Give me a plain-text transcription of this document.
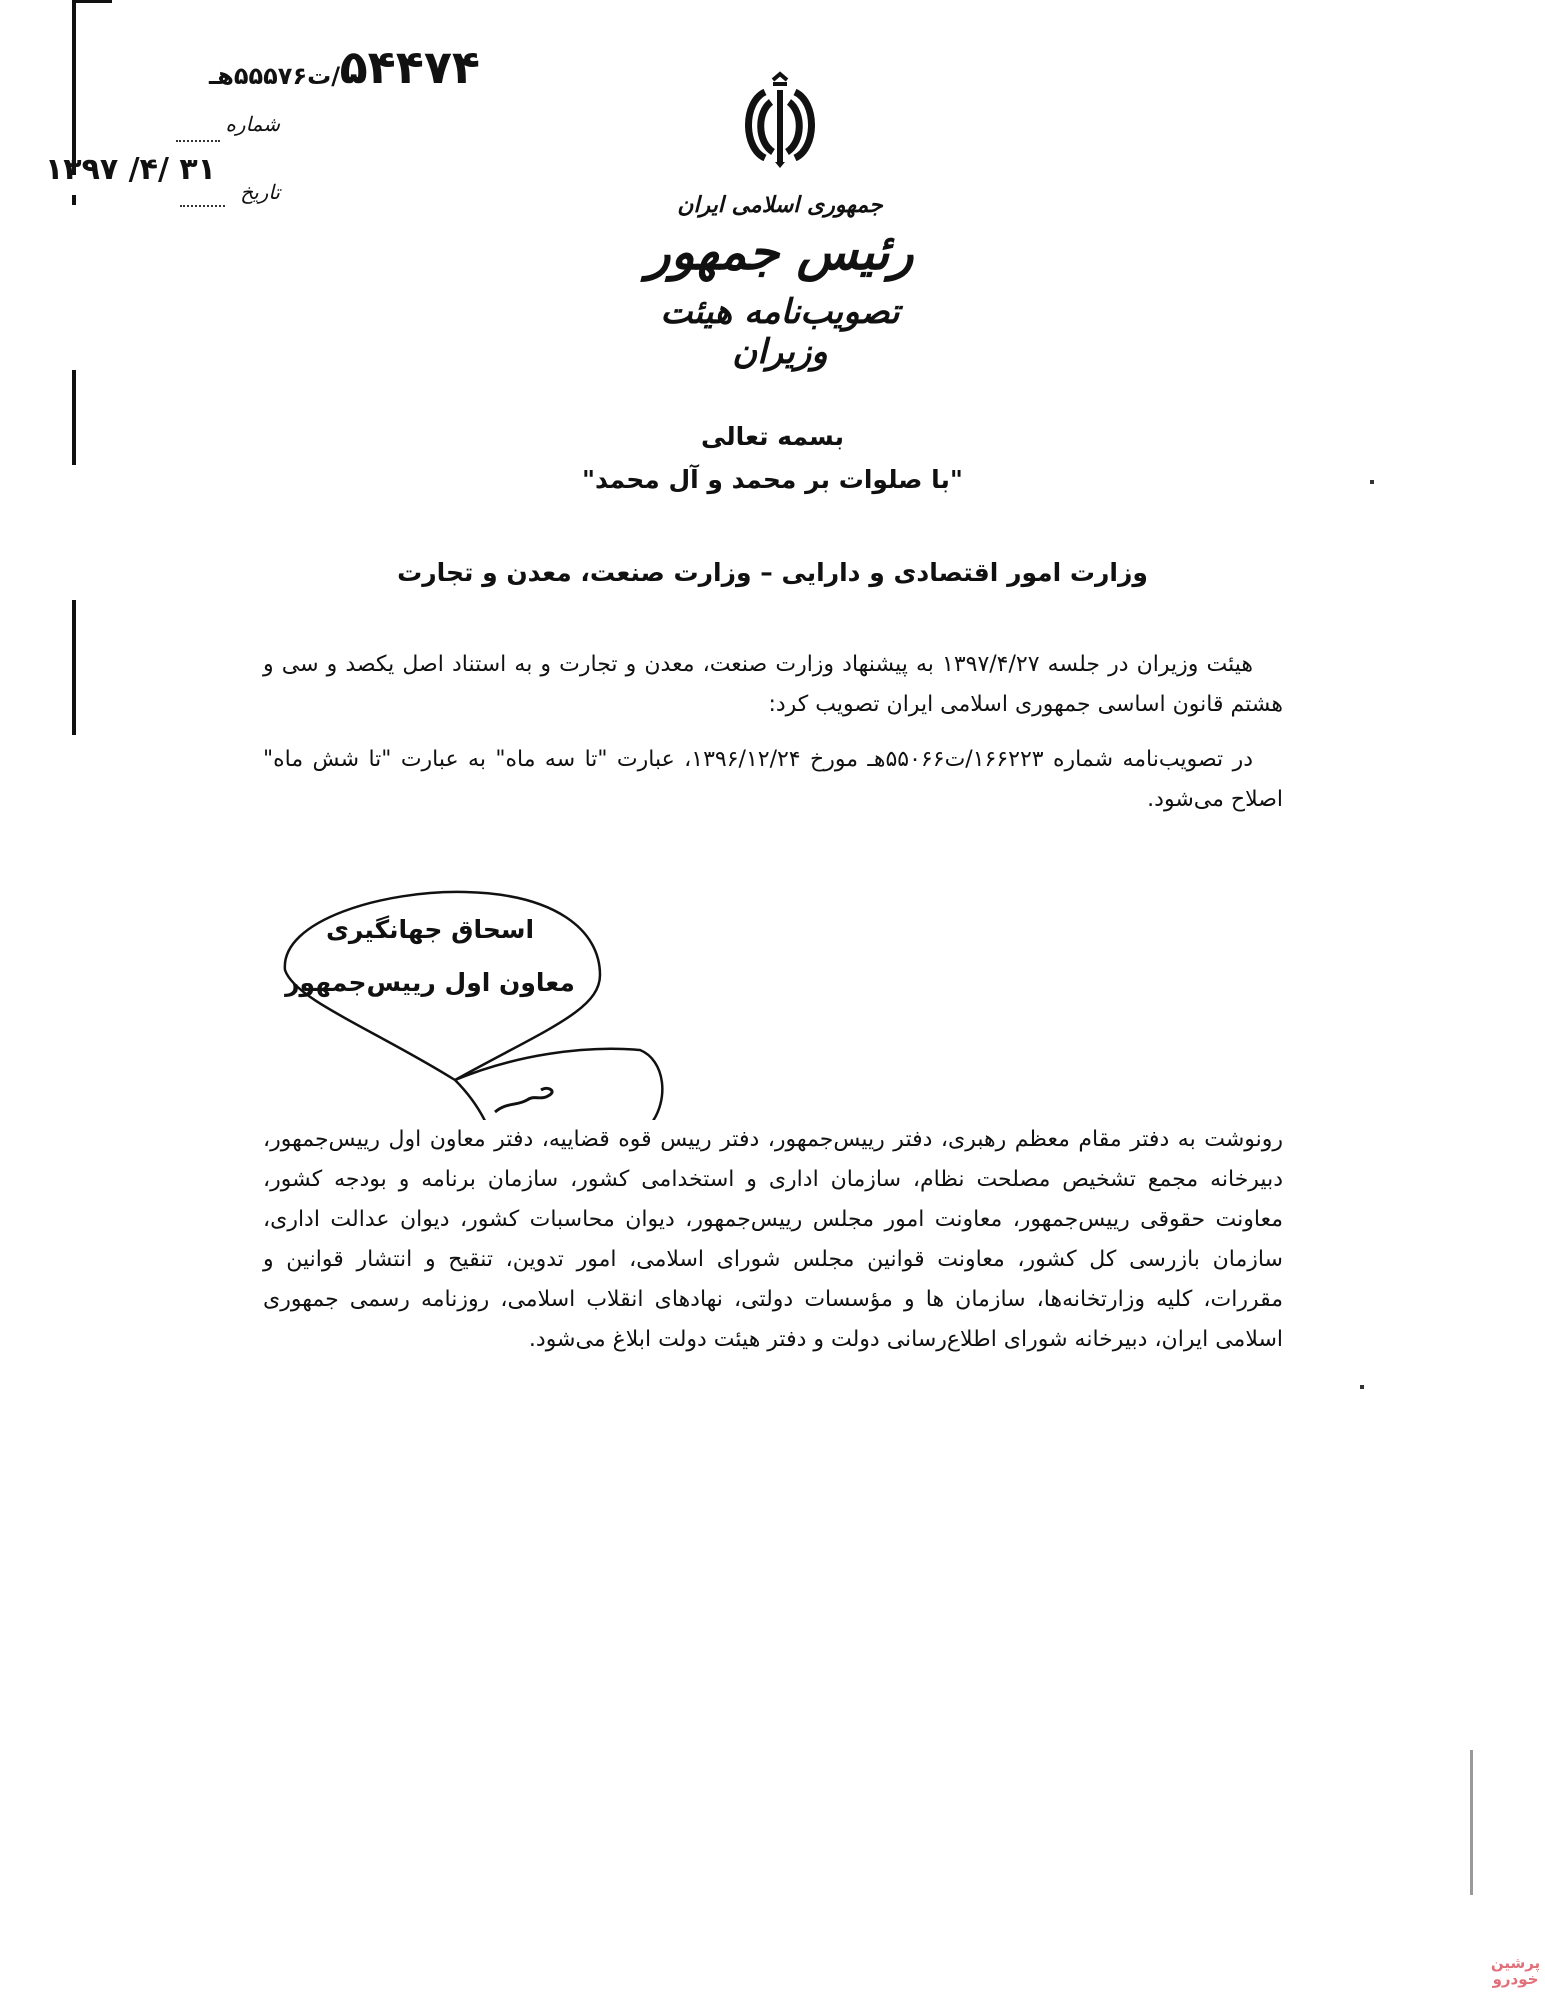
۵۴۴۷۴
/ت۵۵۵۷۶هـ
شماره
تاریخ
۱۳۹۷ /۴/ ۳۱
جمهوری اسلامی ایران
رئیس جمهور
تصویب‌نامه هیئت وزیران
بسمه تعالی
"با صلوات بر محمد و آل محمد"
وزارت امور اقتصادی و دارایی – وزارت صنعت، معدن و تجارت
هیئت وزیران در جلسه ۱۳۹۷/۴/۲۷ به پیشنهاد وزارت صنعت، معدن و تجارت و به استناد اصل یکصد و سی و هشتم قانون اساسی جمهوری اسلامی ایران تصویب کرد:
در تصویب‌نامه شماره ۱۶۶۲۲۳/ت۵۵۰۶۶هـ مورخ ۱۳۹۶/۱۲/۲۴، عبارت "تا سه ماه" به عبارت "تا شش ماه" اصلاح می‌شود.
اسحاق جهانگیری
معاون اول رییس‌جمهور
رونوشت به دفتر مقام معظم رهبری، دفتر رییس‌جمهور، دفتر رییس قوه قضاییه، دفتر معاون اول رییس‌جمهور، دبیرخانه مجمع تشخیص مصلحت نظام، سازمان اداری و استخدامی کشور، سازمان برنامه و بودجه کشور، معاونت حقوقی رییس‌جمهور، معاونت امور مجلس رییس‌جمهور، دیوان محاسبات کشور، دیوان عدالت اداری، سازمان بازرسی کل کشور، معاونت قوانین مجلس شورای اسلامی، امور تدوین، تنقیح و انتشار قوانین و مقررات، کلیه وزارتخانه‌ها، سازمان ها و مؤسسات دولتی، نهادهای انقلاب اسلامی، روزنامه رسمی جمهوری اسلامی ایران، دبیرخانه شورای اطلاع‌رسانی دولت و دفتر هیئت دولت ابلاغ می‌شود.
پرشین
خودرو
